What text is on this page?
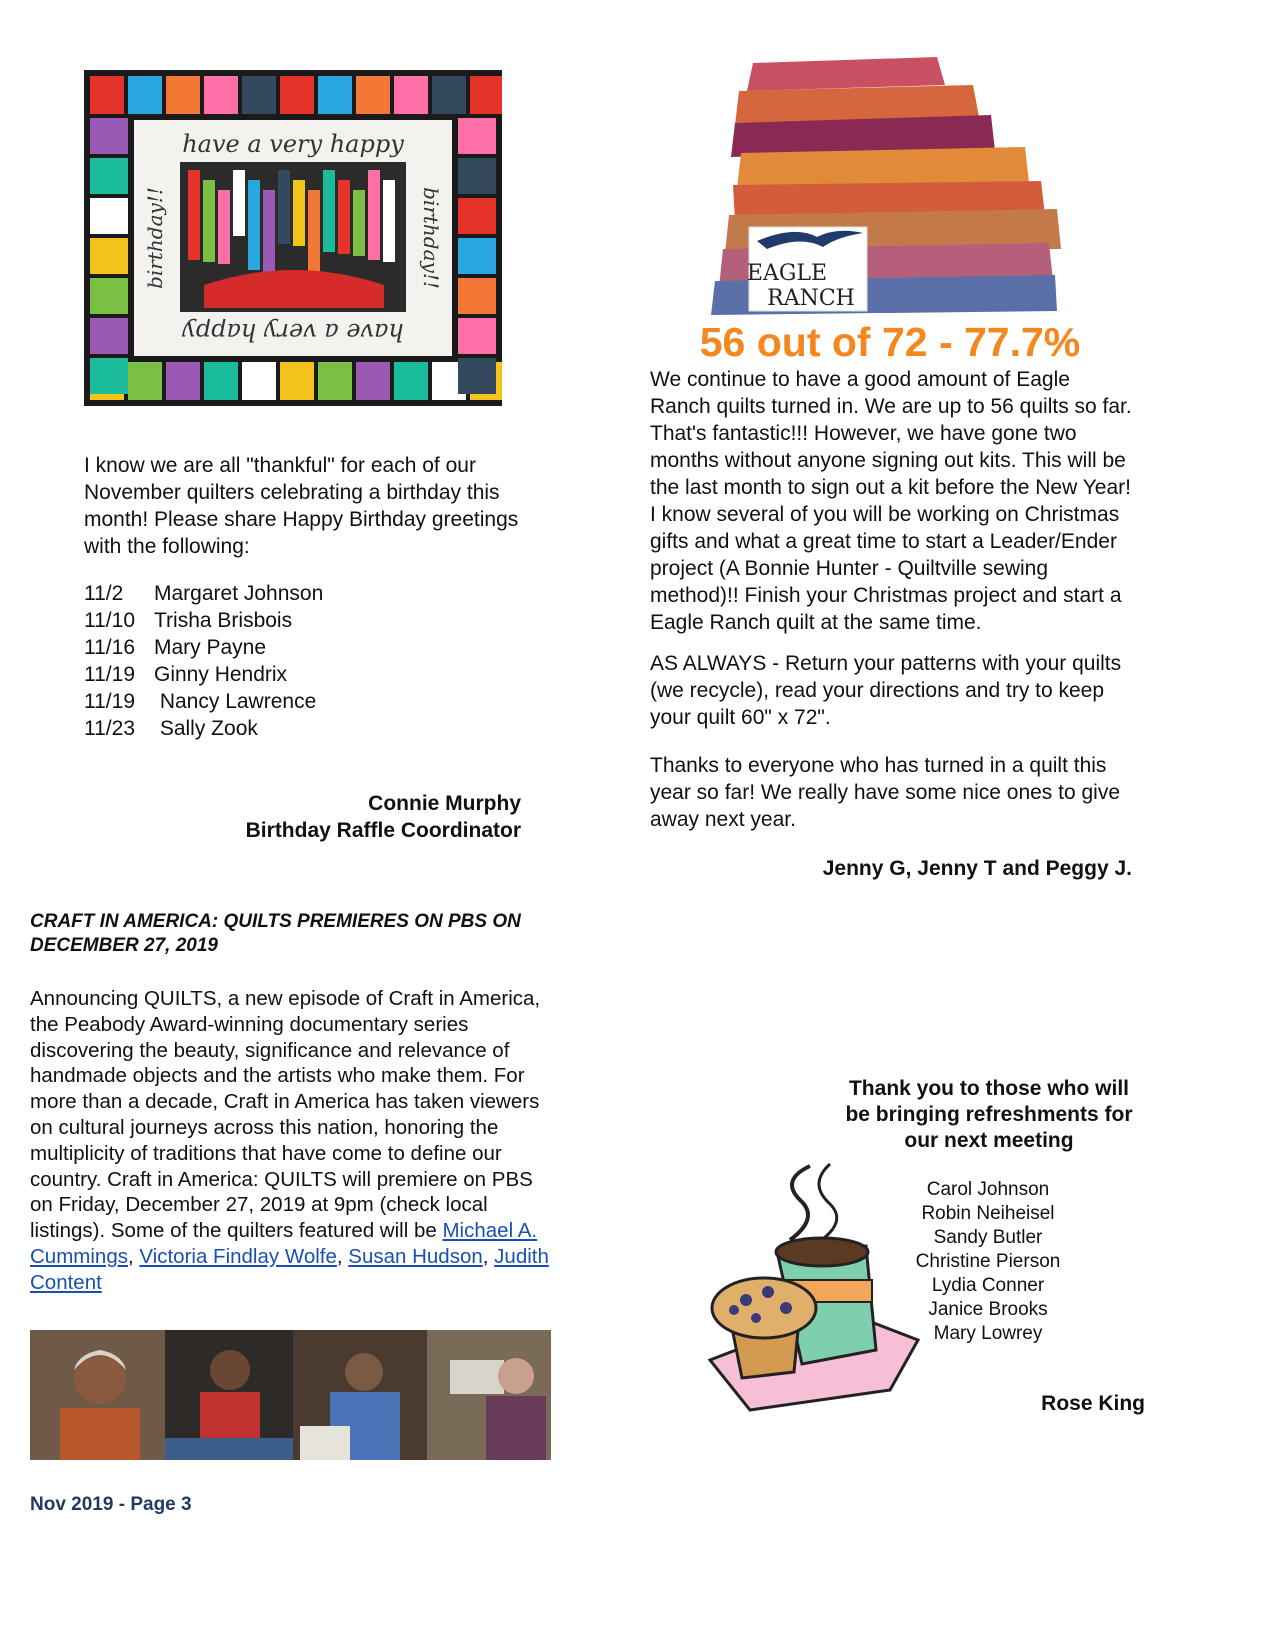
have a very happy
have a very happy
birthday!!	birthday!!
I know we are all "thankful" for each of our November quilters celebrating a birthday this month! Please share Happy Birthday greetings with the following:
11/2	Margaret Johnson
11/10 Trisha Brisbois
11/16 Mary Payne
11/19 Ginny Hendrix
11/19 Nancy Lawrence
11/23 Sally Zook
Connie Murphy
Birthday Raffle Coordinator
EAGLE
RANCH
56 out of 72 - 77.7%
We continue to have a good amount of Eagle Ranch quilts turned in. We are up to 56 quilts so far. That's fantastic!!! However, we have gone two months without anyone signing out kits. This will be the last month to sign out a kit before the New Year! I know several of you will be working on Christmas gifts and what a great time to start a Leader/Ender project (A Bonnie Hunter - Quiltville sewing method)!! Finish your Christmas project and start a Eagle Ranch quilt at the same time.
AS ALWAYS - Return your patterns with your quilts (we recycle), read your directions and try to keep your quilt 60" x 72".
Thanks to everyone who has turned in a quilt this year so far! We really have some nice ones to give away next year.
Jenny G, Jenny T and Peggy J.
CRAFT IN AMERICA: QUILTS PREMIERES ON PBS ON DECEMBER 27, 2019
Announcing QUILTS, a new episode of Craft in America, the Peabody Award-winning documentary series discovering the beauty, significance and relevance of handmade objects and the artists who make them. For more than a decade, Craft in America has taken viewers on cultural journeys across this nation, honoring the multiplicity of traditions that have come to define our country. Craft in America: QUILTS will premiere on PBS on Friday, December 27, 2019 at 9pm (check local listings). Some of the quilters featured will be Michael A. Cummings, Victoria Findlay Wolfe, Susan Hudson, Judith Content
Thank you to those who will be bringing refreshments for our next meeting
Carol Johnson
Robin Neiheisel
Sandy Butler
Christine Pierson
Lydia Conner
Janice Brooks
Mary Lowrey
Rose King
Nov 2019 - Page 3
